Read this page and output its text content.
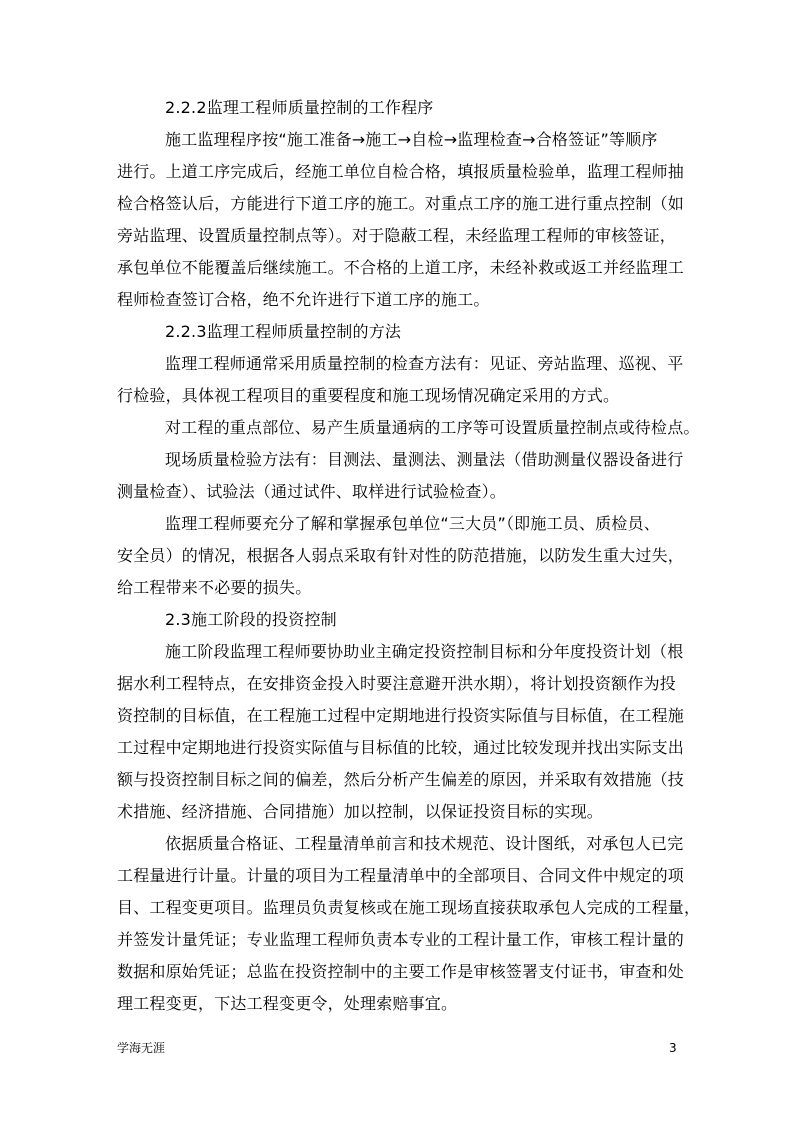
2.2.2监理工程师质量控制的工作程序
施工监理程序按“施工准备→施工→自检→监理检查→合格签证”等顺序
进行。上道工序完成后，经施工单位自检合格，填报质量检验单，监理工程师抽
检合格签认后，方能进行下道工序的施工。对重点工序的施工进行重点控制（如
旁站监理、设置质量控制点等）。对于隐蔽工程，未经监理工程师的审核签证，
承包单位不能覆盖后继续施工。不合格的上道工序，未经补救或返工并经监理工
程师检查签订合格，绝不允许进行下道工序的施工。
2.2.3监理工程师质量控制的方法
监理工程师通常采用质量控制的检查方法有：见证、旁站监理、巡视、平
行检验，具体视工程项目的重要程度和施工现场情况确定采用的方式。
对工程的重点部位、易产生质量通病的工序等可设置质量控制点或待检点。
现场质量检验方法有：目测法、量测法、测量法（借助测量仪器设备进行
测量检查）、试验法（通过试件、取样进行试验检查）。
监理工程师要充分了解和掌握承包单位“三大员”（即施工员、质检员、
安全员）的情况，根据各人弱点采取有针对性的防范措施，以防发生重大过失，
给工程带来不必要的损失。
2.3施工阶段的投资控制
施工阶段监理工程师要协助业主确定投资控制目标和分年度投资计划（根
据水利工程特点，在安排资金投入时要注意避开洪水期），将计划投资额作为投
资控制的目标值，在工程施工过程中定期地进行投资实际值与目标值，在工程施
工过程中定期地进行投资实际值与目标值的比较，通过比较发现并找出实际支出
额与投资控制目标之间的偏差，然后分析产生偏差的原因，并采取有效措施（技
术措施、经济措施、合同措施）加以控制，以保证投资目标的实现。
依据质量合格证、工程量清单前言和技术规范、设计图纸，对承包人已完
工程量进行计量。计量的项目为工程量清单中的全部项目、合同文件中规定的项
目、工程变更项目。监理员负责复核或在施工现场直接获取承包人完成的工程量，
并签发计量凭证；专业监理工程师负责本专业的工程计量工作，审核工程计量的
数据和原始凭证；总监在投资控制中的主要工作是审核签署支付证书，审查和处
理工程变更，下达工程变更令，处理索赔事宜。
学海无涯	3
